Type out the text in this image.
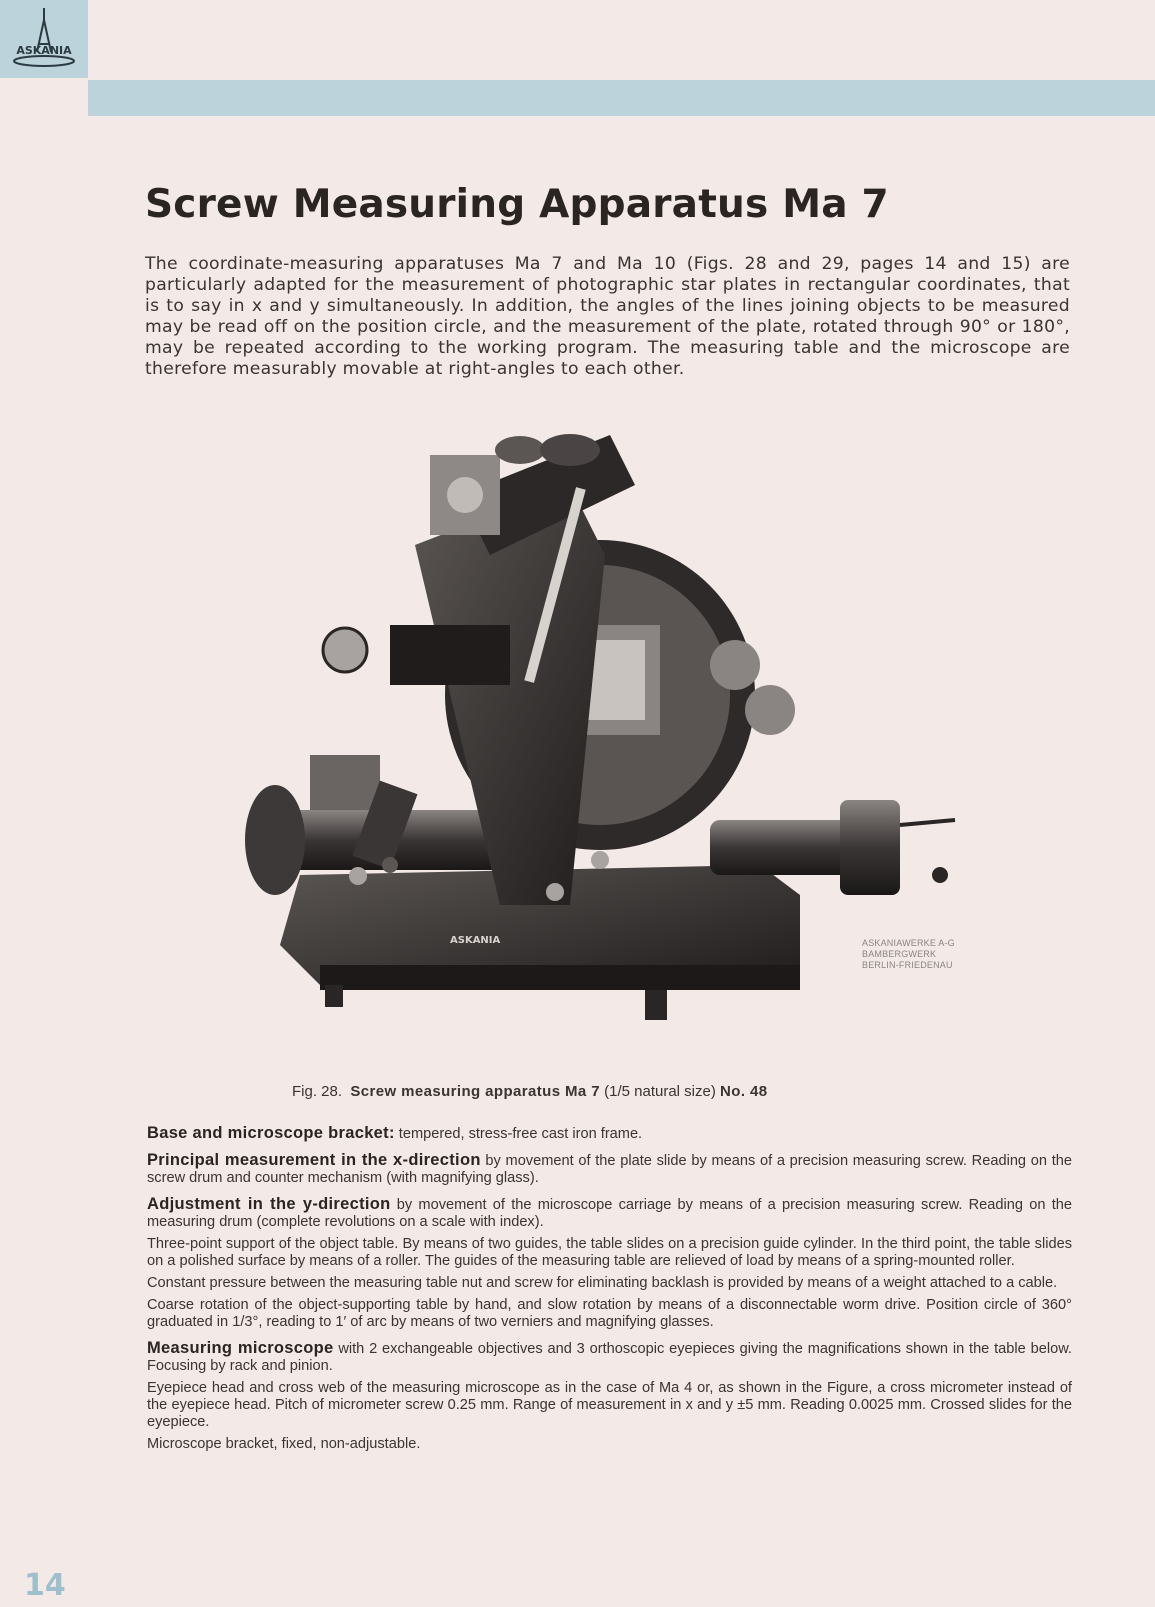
ASKANIA
Screw Measuring Apparatus Ma 7

The coordinate-measuring apparatuses Ma 7 and Ma 10 (Figs. 28 and 29, pages 14 and 15) are particularly adapted for the measurement of photographic star plates in rectangular coordinates, that is to say in x and y simultaneously. In addition, the angles of the lines joining objects to be measured may be read off on the position circle, and the measurement of the plate, rotated through 90° or 180°, may be repeated according to the working program. The measuring table and the microscope are therefore measurably movable at right-angles to each other.

ASKANIA	ASKANIAWERKE A-G
BAMBERGWERK
BERLIN-FRIEDENAU
Fig. 28. Screw measuring apparatus Ma 7 (1/5 natural size) No. 48

Base and microscope bracket: tempered, stress-free cast iron frame.

Principal measurement in the x-direction by movement of the plate slide by means of a precision measuring screw. Reading on the screw drum and counter mechanism (with magnifying glass).

Adjustment in the y-direction by movement of the microscope carriage by means of a precision measuring screw. Reading on the measuring drum (complete revolutions on a scale with index).

Three-point support of the object table. By means of two guides, the table slides on a precision guide cylinder. In the third point, the table slides on a polished surface by means of a roller. The guides of the measuring table are relieved of load by means of a spring-mounted roller.

Constant pressure between the measuring table nut and screw for eliminating backlash is provided by means of a weight attached to a cable.

Coarse rotation of the object-supporting table by hand, and slow rotation by means of a disconnectable worm drive. Position circle of 360° graduated in 1/3°, reading to 1′ of arc by means of two verniers and magnifying glasses.

Measuring microscope with 2 exchangeable objectives and 3 orthoscopic eyepieces giving the magnifications shown in the table below. Focusing by rack and pinion.

Eyepiece head and cross web of the measuring microscope as in the case of Ma 4 or, as shown in the Figure, a cross micrometer instead of the eyepiece head. Pitch of micrometer screw 0.25 mm. Range of measurement in x and y ±5 mm. Reading 0.0025 mm. Crossed slides for the eyepiece.

Microscope bracket, fixed, non-adjustable.

14
